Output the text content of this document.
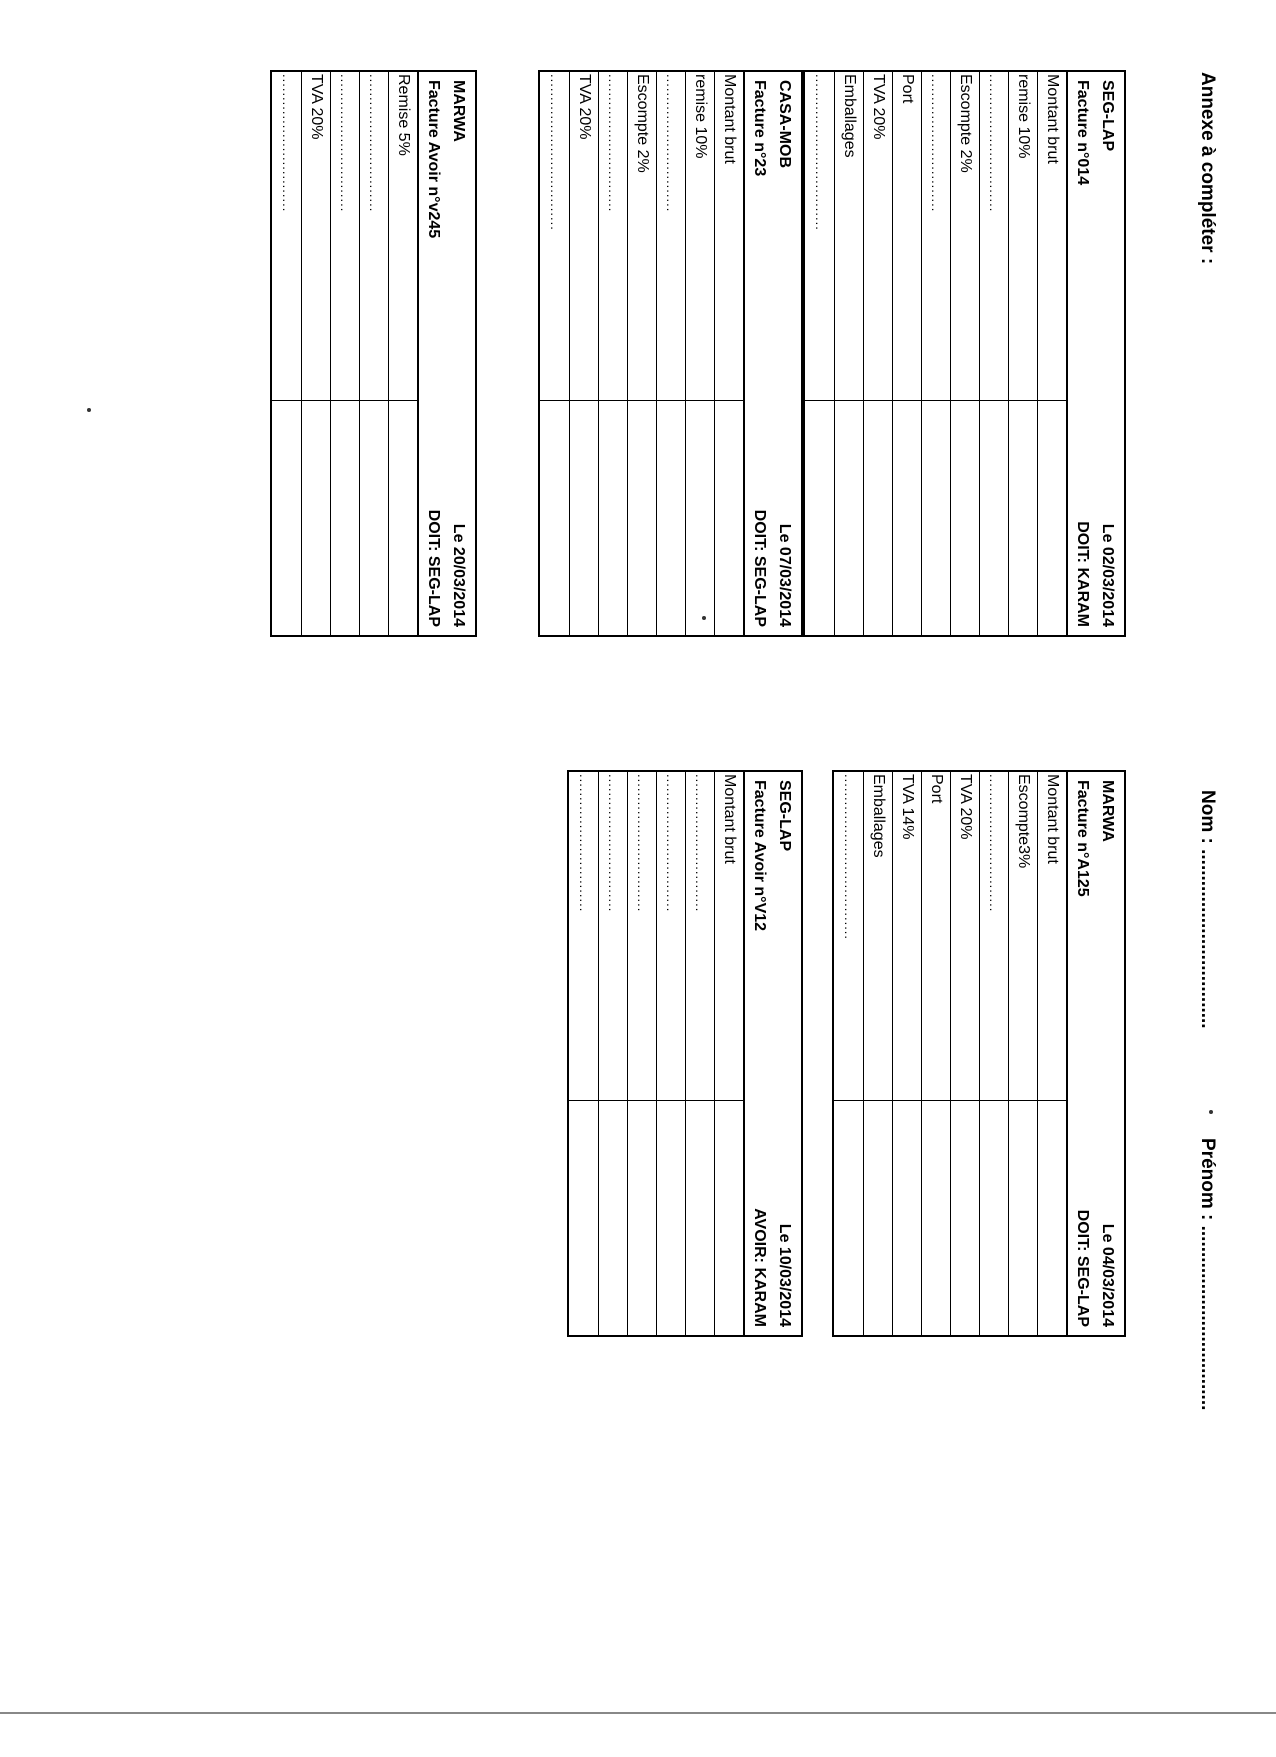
Annexe à compléter :
Nom : ..................................
Prénom : ...................................
SEG-LAP
Facture n°014
Le 02/03/2014
DOIT: KARAM
Montant brut
remise 10%
..............................
Escompte 2%
..............................
Port
TVA 20%
Emballages
..................................
MARWA
Facture n°A125
Le 04/03/2014
DOIT: SEG-LAP
Montant brut
Escompte3%
..............................
TVA 20%
Port
TVA 14%
Emballages
....................................
CASA-MOB
Facture n°23
Le 07/03/2014
DOIT: SEG-LAP
Montant brut
remise 10%
..............................
Escompte 2%
..............................
TVA 20%
..................................
SEG-LAP
Facture Avoir n°V12
Le 10/03/2014
AVOIR: KARAM
Montant brut
..............................
..............................
..............................
..............................
..............................
MARWA
Facture Avoir n°v245
Le 20/03/2014
DOIT: SEG-LAP
Remise 5%
..............................
..............................
TVA 20%
..............................
